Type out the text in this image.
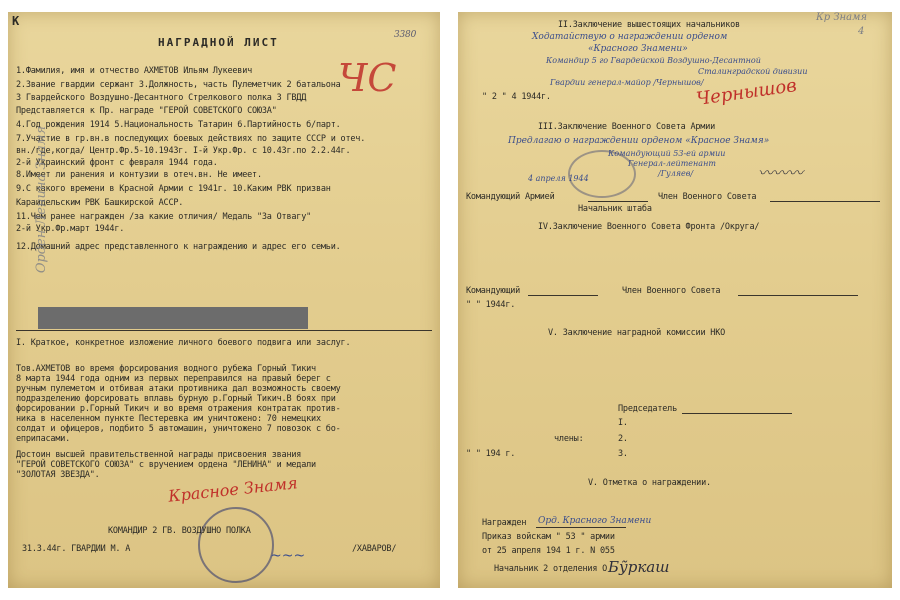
K
3380
НАГРАДНОЙ ЛИСТ
ЧС
1.Фамилия, имя и отчество АХМЕТОВ Ильям Лукеевич
2.Звание гвардии сержант 3.Должность, часть Пулеметчик 2 батальона
3 Гвардейского Воздушно-Десантного Стрелкового полка 3 ГВДД
Представляется к Пр. награде "ГЕРОЙ СОВЕТСКОГО СОЮЗА"
4.Год рождения 1914 5.Национальность Татарин 6.Партийность б/парт.
7.Участие в гр.вн.в последующих боевых действиях по защите СССР и отеч.
вн./где,когда/ Центр.Фр.5-10.1943г. I-й Укр.Фр. с 10.43г.по 2.2.44г.
2-й Украинский фронт с февраля 1944 года.
8.Имеет ли ранения и контузии в отеч.вн. Не имеет.
9.С какого времени в Красной Армии с 1941г. 10.Каким РВК призван
Караидельским РВК Башкирской АССР.
11.Чем ранее награжден /за какие отличия/ Медаль "За Отвагу"
2-й Укр.Фр.март 1944г.
12.Домашний адрес представленного к награждению и адрес его семьи.
I. Краткое, конкретное изложение личного боевого подвига или заслуг.
Тов.АХМЕТОВ во время форсирования водного рубежа Горный Тикич
8 марта 1944 года одним из первых переправился на правый берег с
ручным пулеметом и отбивая атаки противника дал возможность своему
подразделению форсировать вплавь бурную р.Горный Тикич.В боях при
форсировании р.Горный Тикич и во время отражения контратак против-
ника в населенном пункте Пестеревка им уничтожено: 70 немецких
солдат и офицеров, подбито 5 автомашин, уничтожено 7 повозок с бо-
еприпасами.
Достоин высшей правительственной награды присвоения звания
"ГЕРОЙ СОВЕТСКОГО СОЮЗА" с вручением ордена "ЛЕНИНА" и медали
"ЗОЛОТАЯ ЗВЕЗДА".	Красное Знамя
КОМАНДИР 2 ГВ. ВОЗДУШНО ПОЛКА
31.3.44г. ГВАРДИИ М. А	/ХАВАРОВ/
~~~
Орден Ленина Знамя
Кр Знамя
4
II.Заключение вышестоящих начальников
Ходатайствую о награждении орденом
«Красного Знамени»
Командир 5 го Гвардейской Воздушно-Десантной
Сталинградской дивизии
Гвардии генерал-майор /Чернышов/
" 2 " 4 1944г.	Чернышов
III.Заключение Военного Совета Армии
Предлагаю о награждении орденом «Красное Знамя»
Командующий 53-ей армии
Генерал-лейтенант
/Гуляев/
4 апреля 1944	〰〰〰
Командующий Армией	Член Военного Совета
Начальник штаба
IV.Заключение Военного Совета Фронта /Округа/
Командующий	Член Военного Совета
" " 1944г.
V. Заключение наградной комиссии НКО
Председатель
I.
члены:	2.
" " 194 г.	3.
V. Отметка о награждении.
Награжден Орд. Красного Знамени
Приказ войскам " 53 " армии
от 25 апреля 194 1 г. N 055
Начальник 2 отделения О Бу̃ркаш
